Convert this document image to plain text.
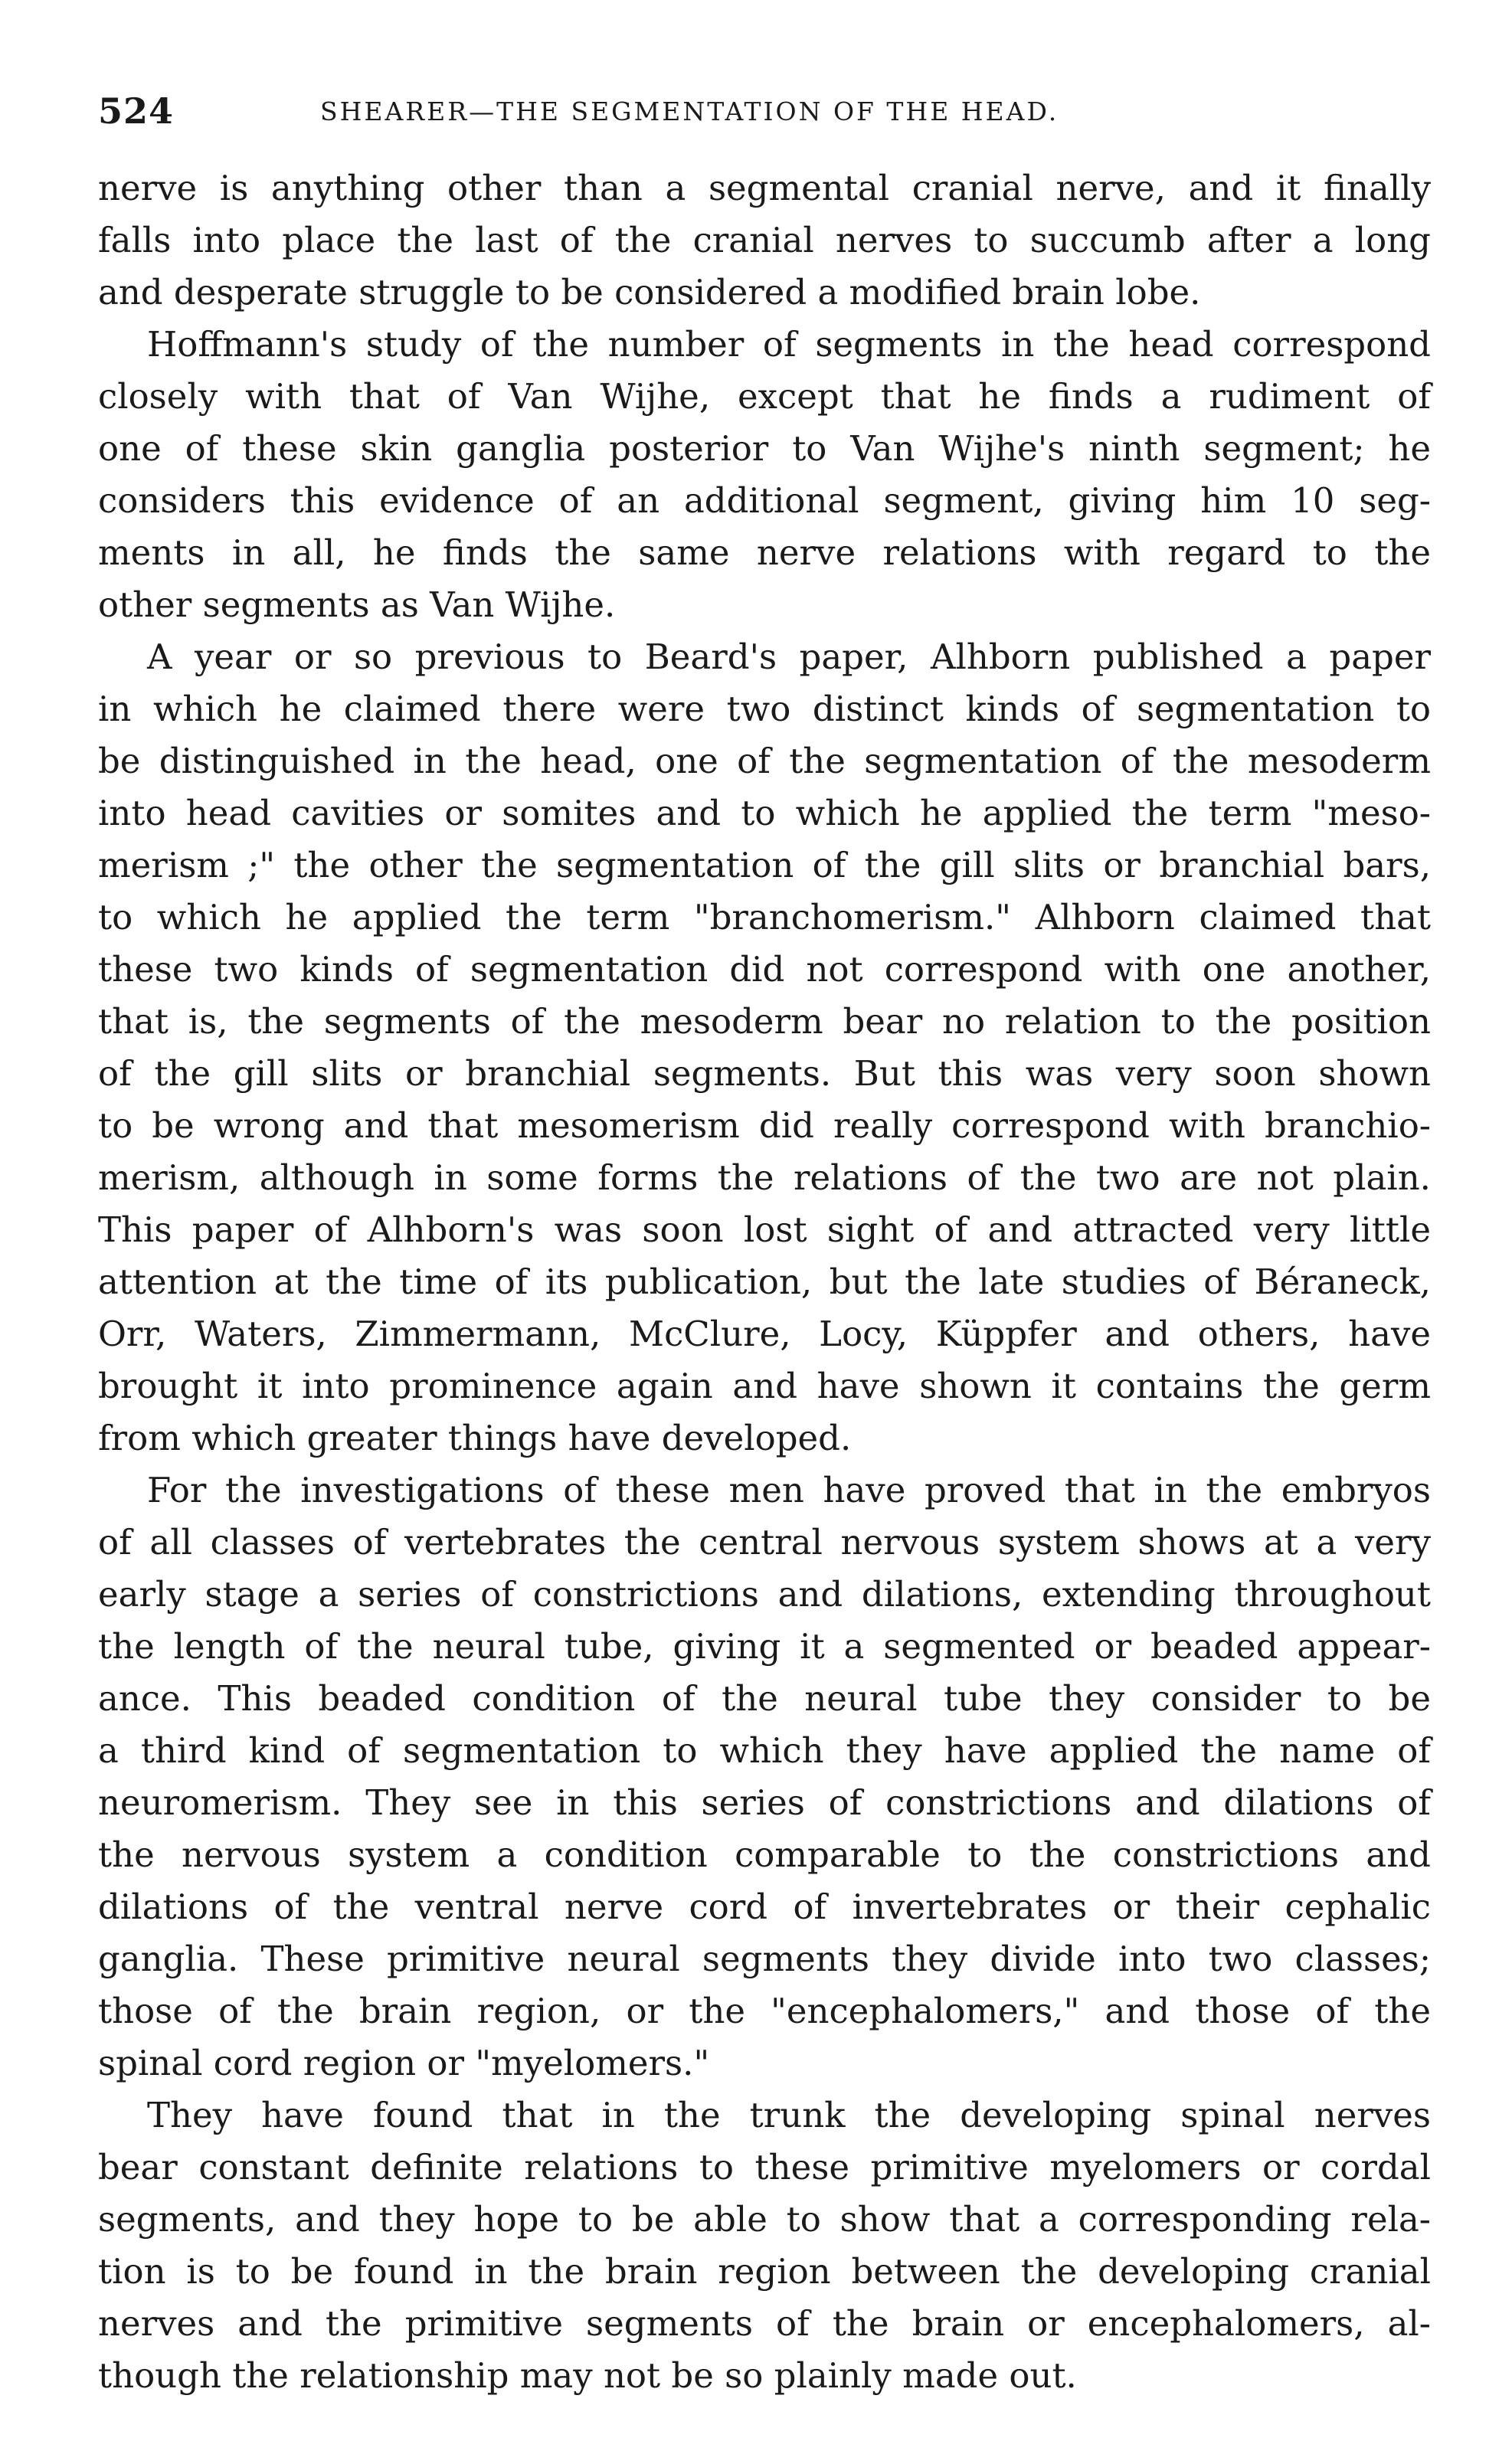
524	SHEARER—THE SEGMENTATION OF THE HEAD.
nerve is anything other than a segmental cranial nerve, and it finally
falls into place the last of the cranial nerves to succumb after a long
and desperate struggle to be considered a modified brain lobe.
Hoffmann's study of the number of segments in the head correspond
closely with that of Van Wijhe, except that he finds a rudiment of
one of these skin ganglia posterior to Van Wijhe's ninth segment; he
considers this evidence of an additional segment, giving him 10 seg-
ments in all, he finds the same nerve relations with regard to the
other segments as Van Wijhe.
A year or so previous to Beard's paper, Alhborn published a paper
in which he claimed there were two distinct kinds of segmentation to
be distinguished in the head, one of the segmentation of the mesoderm
into head cavities or somites and to which he applied the term "meso-
merism ;" the other the segmentation of the gill slits or branchial bars,
to which he applied the term "branchomerism." Alhborn claimed that
these two kinds of segmentation did not correspond with one another,
that is, the segments of the mesoderm bear no relation to the position
of the gill slits or branchial segments. But this was very soon shown
to be wrong and that mesomerism did really correspond with branchio-
merism, although in some forms the relations of the two are not plain.
This paper of Alhborn's was soon lost sight of and attracted very little
attention at the time of its publication, but the late studies of Béraneck,
Orr, Waters, Zimmermann, McClure, Locy, Küppfer and others, have
brought it into prominence again and have shown it contains the germ
from which greater things have developed.
For the investigations of these men have proved that in the embryos
of all classes of vertebrates the central nervous system shows at a very
early stage a series of constrictions and dilations, extending throughout
the length of the neural tube, giving it a segmented or beaded appear-
ance. This beaded condition of the neural tube they consider to be
a third kind of segmentation to which they have applied the name of
neuromerism. They see in this series of constrictions and dilations of
the nervous system a condition comparable to the constrictions and
dilations of the ventral nerve cord of invertebrates or their cephalic
ganglia. These primitive neural segments they divide into two classes;
those of the brain region, or the "encephalomers," and those of the
spinal cord region or "myelomers."
They have found that in the trunk the developing spinal nerves
bear constant definite relations to these primitive myelomers or cordal
segments, and they hope to be able to show that a corresponding rela-
tion is to be found in the brain region between the developing cranial
nerves and the primitive segments of the brain or encephalomers, al-
though the relationship may not be so plainly made out.
